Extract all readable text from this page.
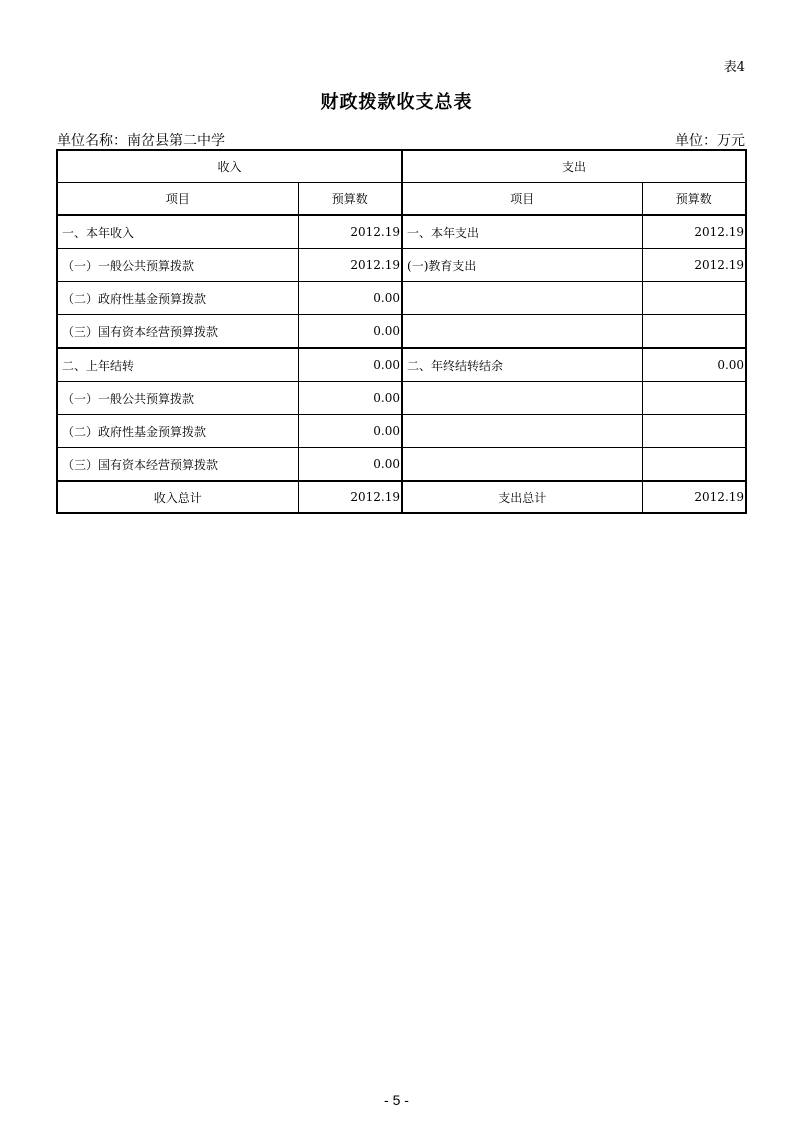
表4
财政拨款收支总表
单位名称：南岔县第二中学	单位：万元
收入		支出	
项目	预算数	项目	预算数
一、本年收入	2012.19	一、本年支出	2012.19
（一）一般公共预算拨款	2012.19	(一)教育支出	2012.19
（二）政府性基金预算拨款	0.00		
（三）国有资本经营预算拨款	0.00		
二、上年结转	0.00	二、年终结转结余	0.00
（一）一般公共预算拨款	0.00		
（二）政府性基金预算拨款	0.00		
（三）国有资本经营预算拨款	0.00		
收入总计	2012.19	支出总计	2012.19
- 5 -
